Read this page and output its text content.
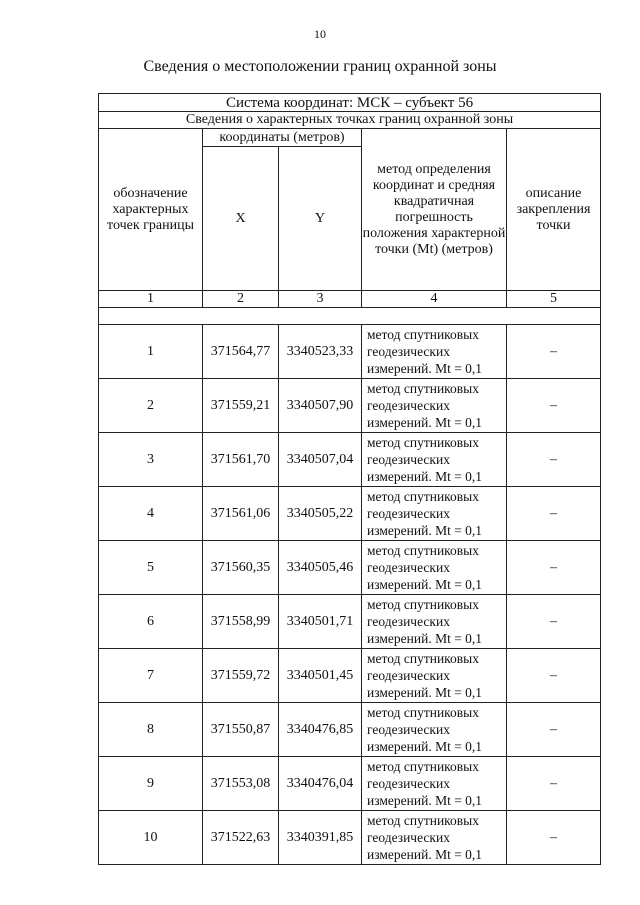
10
Сведения о местоположении границ охранной зоны
Система координат: МСК – субъект 56				
Сведения о характерных точках границ охранной зоны				

обозначение характерных точек границы	координаты (метров)		метод определения координат и средняя квадратичная погрешность положения характерной точки (Mt) (метров)	описание закрепления точки

	X	Y		
1	2	3	4	5

1	371564,77	3340523,33	метод спутниковых геодезических измерений. Mt = 0,1	–
2	371559,21	3340507,90	метод спутниковых геодезических измерений. Mt = 0,1	–
3	371561,70	3340507,04	метод спутниковых геодезических измерений. Mt = 0,1	–
4	371561,06	3340505,22	метод спутниковых геодезических измерений. Mt = 0,1	–
5	371560,35	3340505,46	метод спутниковых геодезических измерений. Mt = 0,1	–
6	371558,99	3340501,71	метод спутниковых геодезических измерений. Mt = 0,1	–
7	371559,72	3340501,45	метод спутниковых геодезических измерений. Mt = 0,1	–
8	371550,87	3340476,85	метод спутниковых геодезических измерений. Mt = 0,1	–
9	371553,08	3340476,04	метод спутниковых геодезических измерений. Mt = 0,1	–
10	371522,63	3340391,85	метод спутниковых геодезических измерений. Mt = 0,1	–
